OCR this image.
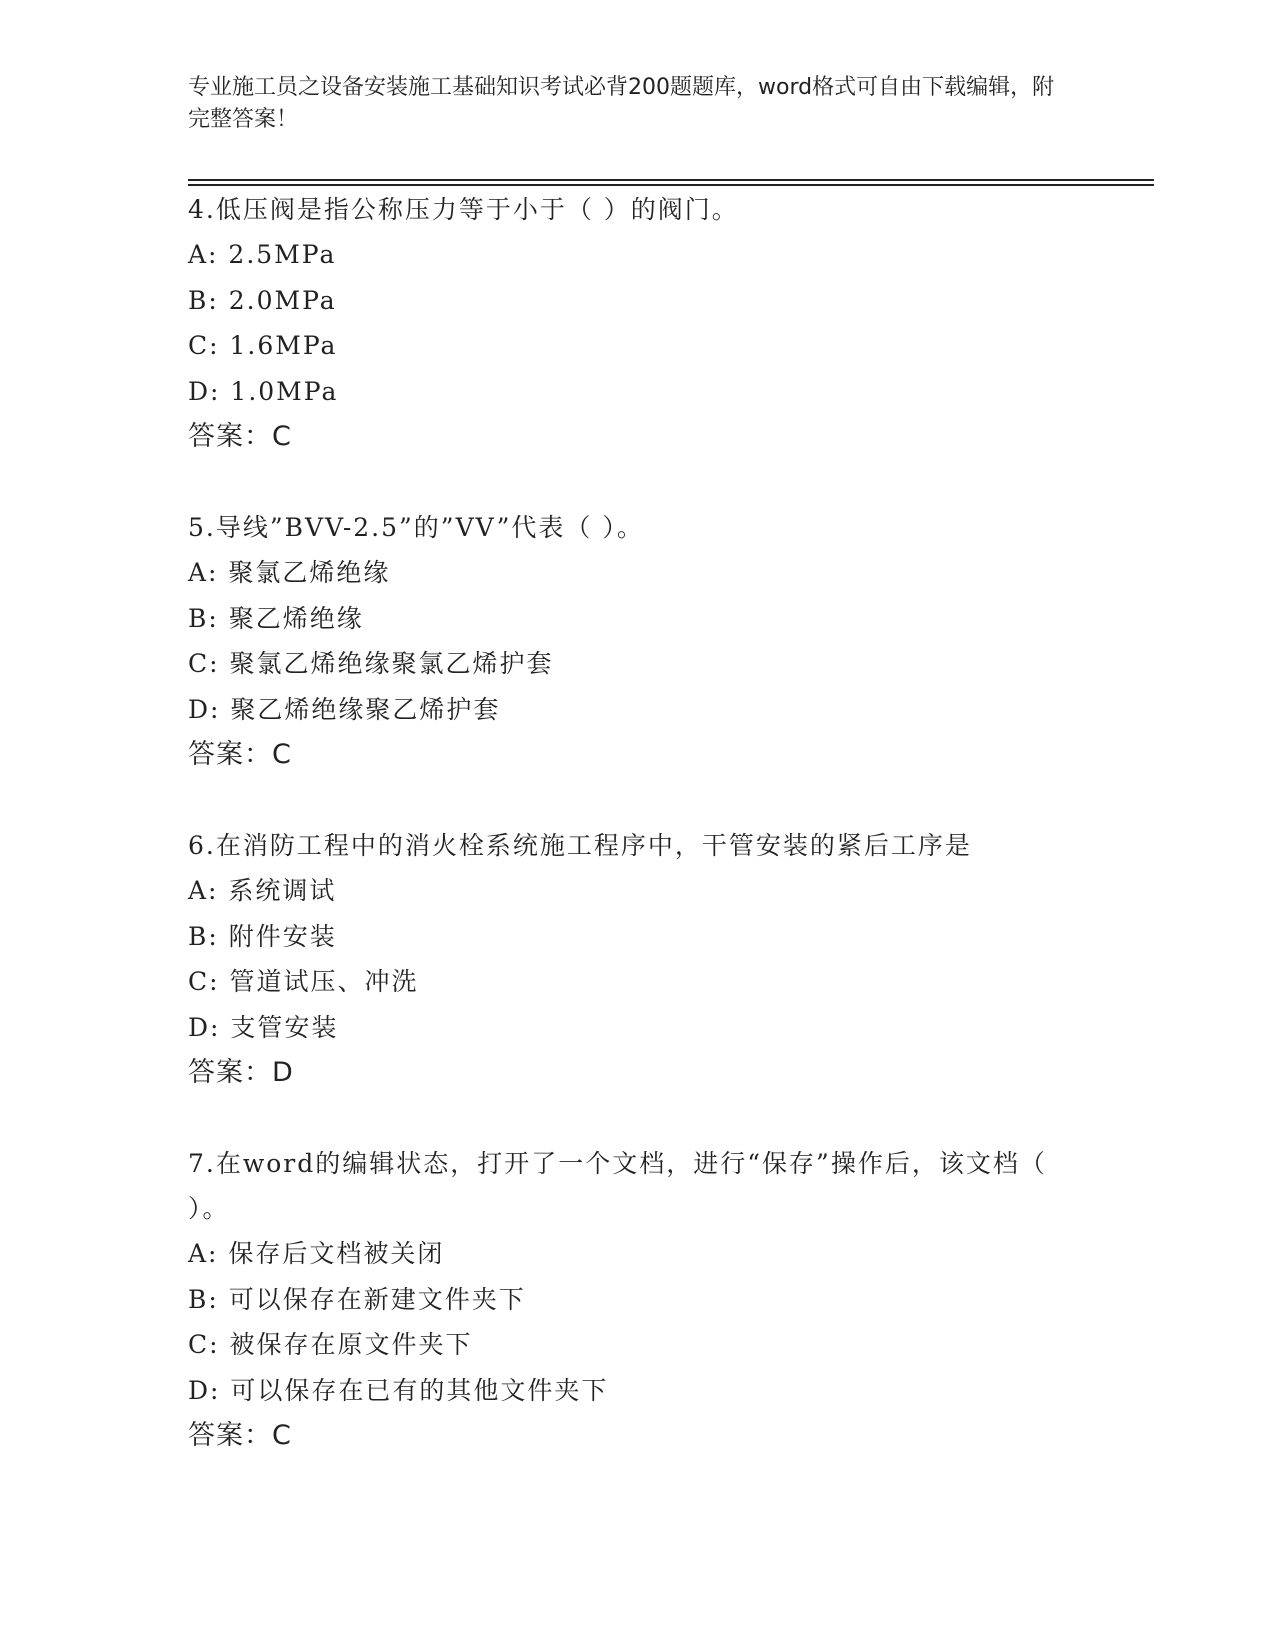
专业施工员之设备安装施工基础知识考试必背200题题库，word格式可自由下载编辑，附完整答案！

4.低压阀是指公称压力等于小于（ ）的阀门。

A: 2.5MPa

B: 2.0MPa

C: 1.6MPa

D: 1.0MPa

答案：C

5.导线”BVV-2.5”的”VV”代表（ ）。

A: 聚氯乙烯绝缘

B: 聚乙烯绝缘

C: 聚氯乙烯绝缘聚氯乙烯护套

D: 聚乙烯绝缘聚乙烯护套

答案：C

6.在消防工程中的消火栓系统施工程序中，干管安装的紧后工序是

A: 系统调试

B: 附件安装

C: 管道试压、冲洗

D: 支管安装

答案：D

7.在word的编辑状态，打开了一个文档，进行“保存”操作后，该文档（ ）。

A: 保存后文档被关闭

B: 可以保存在新建文件夹下

C: 被保存在原文件夹下

D: 可以保存在已有的其他文件夹下

答案：C
